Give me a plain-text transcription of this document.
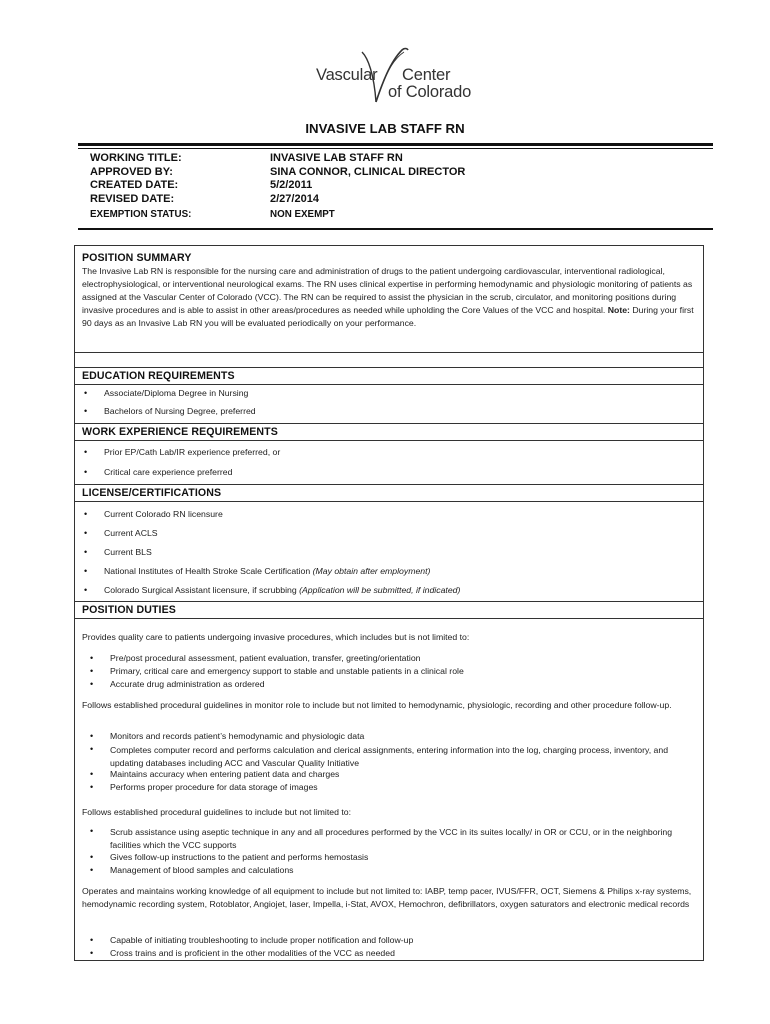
Vascular Center
of Colorado
INVASIVE LAB STAFF RN
WORKING TITLE:	INVASIVE LAB STAFF RN
APPROVED BY:	SINA CONNOR, CLINICAL DIRECTOR
CREATED DATE:	5/2/2011
REVISED DATE:	2/27/2014
EXEMPTION STATUS:	NON EXEMPT
POSITION SUMMARY
The Invasive Lab RN is responsible for the nursing care and administration of drugs to the patient undergoing cardiovascular, interventional radiological, electrophysiological, or interventional neurological exams. The RN uses clinical expertise in performing hemodynamic and physiologic monitoring of patients as assigned at the Vascular Center of Colorado (VCC). The RN can be required to assist the physician in the scrub, circulator, and monitoring positions during invasive procedures and is able to assist in other areas/procedures as needed while upholding the Core Values of the VCC and hospital. Note: During your first 90 days as an Invasive Lab RN you will be evaluated periodically on your performance.
EDUCATION REQUIREMENTS
• Associate/Diploma Degree in Nursing
• Bachelors of Nursing Degree, preferred
WORK EXPERIENCE REQUIREMENTS
• Prior EP/Cath Lab/IR experience preferred, or
• Critical care experience preferred
LICENSE/CERTIFICATIONS
• Current Colorado RN licensure
• Current ACLS
• Current BLS
• National Institutes of Health Stroke Scale Certification (May obtain after employment)
• Colorado Surgical Assistant licensure, if scrubbing (Application will be submitted, if indicated)
POSITION DUTIES
Provides quality care to patients undergoing invasive procedures, which includes but is not limited to:
• Pre/post procedural assessment, patient evaluation, transfer, greeting/orientation
• Primary, critical care and emergency support to stable and unstable patients in a clinical role
• Accurate drug administration as ordered
Follows established procedural guidelines in monitor role to include but not limited to hemodynamic, physiologic, recording and other procedure follow-up.
• Monitors and records patient’s hemodynamic and physiologic data
• Completes computer record and performs calculation and clerical assignments, entering information into the log, charging process, inventory, and updating databases including ACC and Vascular Quality Initiative
• Maintains accuracy when entering patient data and charges
• Performs proper procedure for data storage of images
Follows established procedural guidelines to include but not limited to:
• Scrub assistance using aseptic technique in any and all procedures performed by the VCC in its suites locally/ in OR or CCU, or in the neighboring facilities which the VCC supports
• Gives follow-up instructions to the patient and performs hemostasis
• Management of blood samples and calculations
Operates and maintains working knowledge of all equipment to include but not limited to: IABP, temp pacer, IVUS/FFR, OCT, Siemens & Philips x-ray systems, hemodynamic recording system, Rotoblator, Angiojet, laser, Impella, i-Stat, AVOX, Hemochron, defibrillators, oxygen saturators and electronic medical records
• Capable of initiating troubleshooting to include proper notification and follow-up
• Cross trains and is proficient in the other modalities of the VCC as needed
